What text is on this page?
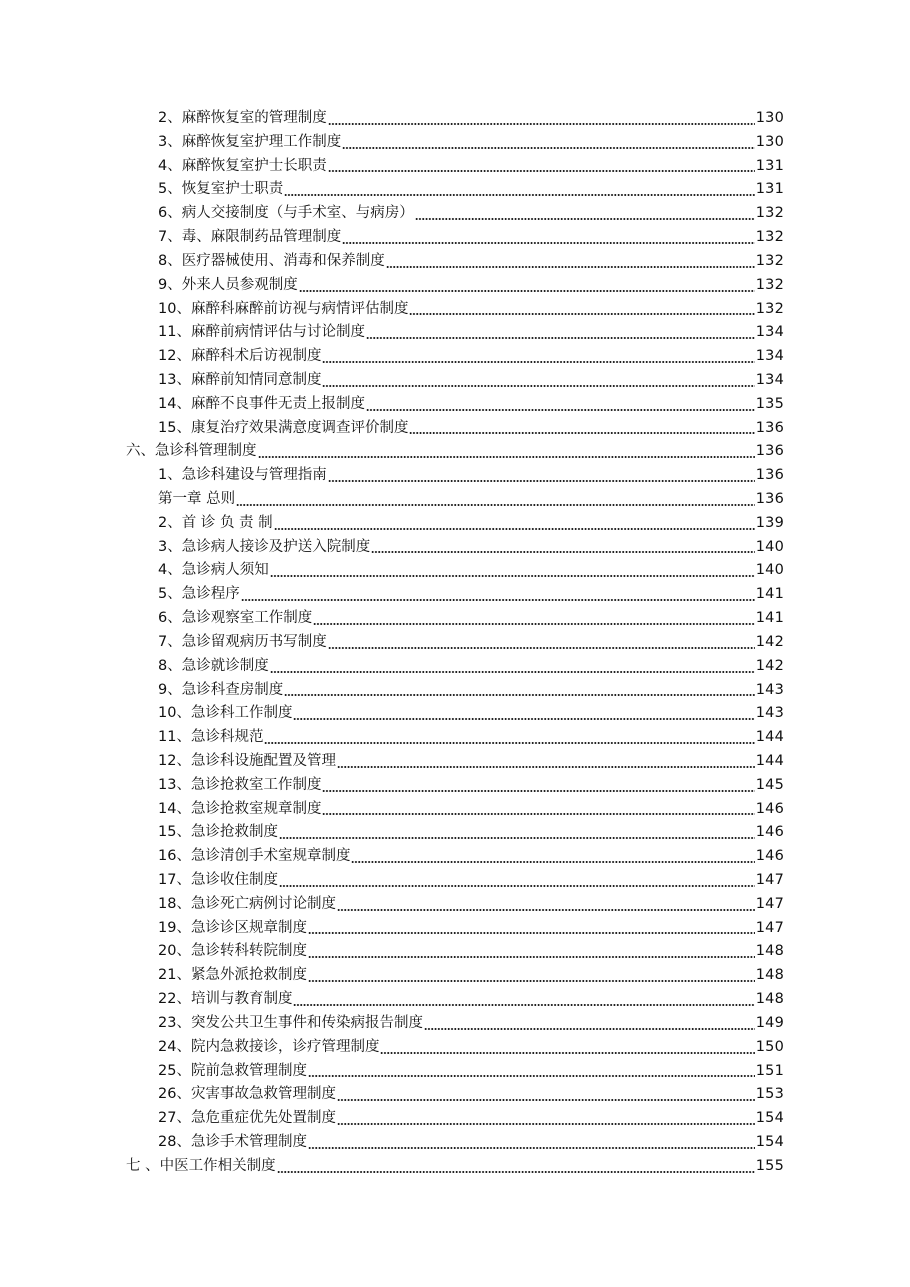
2、麻醉恢复室的管理制度	130
3、麻醉恢复室护理工作制度	130
4、麻醉恢复室护士长职责	131
5、恢复室护士职责	131
6、病人交接制度（与手术室、与病房）	132
7、毒、麻限制药品管理制度	132
8、医疗器械使用、消毒和保养制度	132
9、外来人员参观制度	132
10、麻醉科麻醉前访视与病情评估制度	132
11、麻醉前病情评估与讨论制度	134
12、麻醉科术后访视制度	134
13、麻醉前知情同意制度	134
14、麻醉不良事件无责上报制度	135
15、康复治疗效果满意度调查评价制度	136
六、急诊科管理制度	136
1、急诊科建设与管理指南	136
第一章 总则	136
2、首 诊 负 责 制	139
3、急诊病人接诊及护送入院制度	140
4、急诊病人须知	140
5、急诊程序	141
6、急诊观察室工作制度	141
7、急诊留观病历书写制度	142
8、急诊就诊制度	142
9、急诊科查房制度	143
10、急诊科工作制度	143
11、急诊科规范	144
12、急诊科设施配置及管理	144
13、急诊抢救室工作制度	145
14、急诊抢救室规章制度	146
15、急诊抢救制度	146
16、急诊清创手术室规章制度	146
17、急诊收住制度	147
18、急诊死亡病例讨论制度	147
19、急诊诊区规章制度	147
20、急诊转科转院制度	148
21、紧急外派抢救制度	148
22、培训与教育制度	148
23、突发公共卫生事件和传染病报告制度	149
24、院内急救接诊，诊疗管理制度	150
25、院前急救管理制度	151
26、灾害事故急救管理制度	153
27、急危重症优先处置制度	154
28、急诊手术管理制度	154
七 、中医工作相关制度	155
